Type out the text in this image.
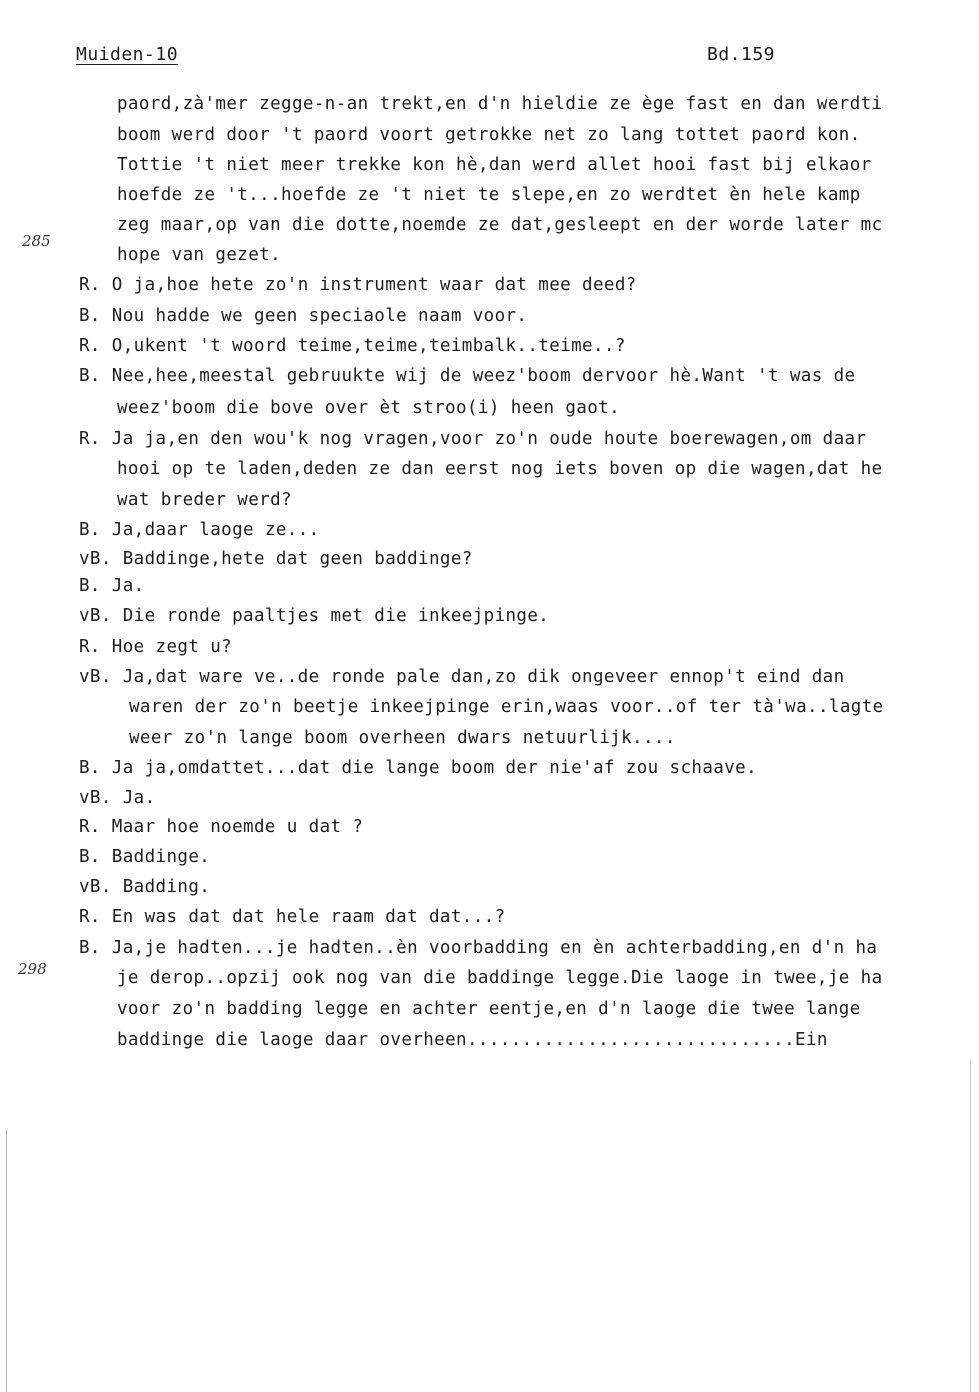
Muiden-10	Bd.159
285
298
paord,zà'mer zegge-n-an trekt,en d'n hieldie ze ège fast en dan werdti
boom werd door 't paord voort getrokke net zo lang tottet paord kon.
Tottie 't niet meer trekke kon hè,dan werd allet hooi fast bij elkaor
hoefde ze 't...hoefde ze 't niet te slepe,en zo werdtet èn hele kamp
zeg maar,op van die dotte,noemde ze dat,gesleept en der worde later mc
hope van gezet.
R. O ja,hoe hete zo'n instrument waar dat mee deed?
B. Nou hadde we geen speciaole naam voor.
R. O,ukent 't woord teime,teime,teimbalk..teime..?
B. Nee,hee,meestal gebruukte wij de weez'boom dervoor hè.Want 't was de
weez'boom die bove over èt stroo(i) heen gaot.
R. Ja ja,en den wou'k nog vragen,voor zo'n oude houte boerewagen,om daar
hooi op te laden,deden ze dan eerst nog iets boven op die wagen,dat he
wat breder werd?
B. Ja,daar laoge ze...
vB. Baddinge,hete dat geen baddinge?
B. Ja.
vB. Die ronde paaltjes met die inkeejpinge.
R. Hoe zegt u?
vB. Ja,dat ware ve..de ronde pale dan,zo dik ongeveer ennop't eind dan
waren der zo'n beetje inkeejpinge erin,waas voor..of ter tà'wa..lagte
weer zo'n lange boom overheen dwars netuurlijk....
B. Ja ja,omdattet...dat die lange boom der nie'af zou schaave.
vB. Ja.
R. Maar hoe noemde u dat ?
B. Baddinge.
vB. Badding.
R. En was dat dat hele raam dat dat...?
B. Ja,je hadten...je hadten..èn voorbadding en èn achterbadding,en d'n ha
je derop..opzij ook nog van die baddinge legge.Die laoge in twee,je ha
voor zo'n badding legge en achter eentje,en d'n laoge die twee lange
baddinge die laoge daar overheen..............................Ein
